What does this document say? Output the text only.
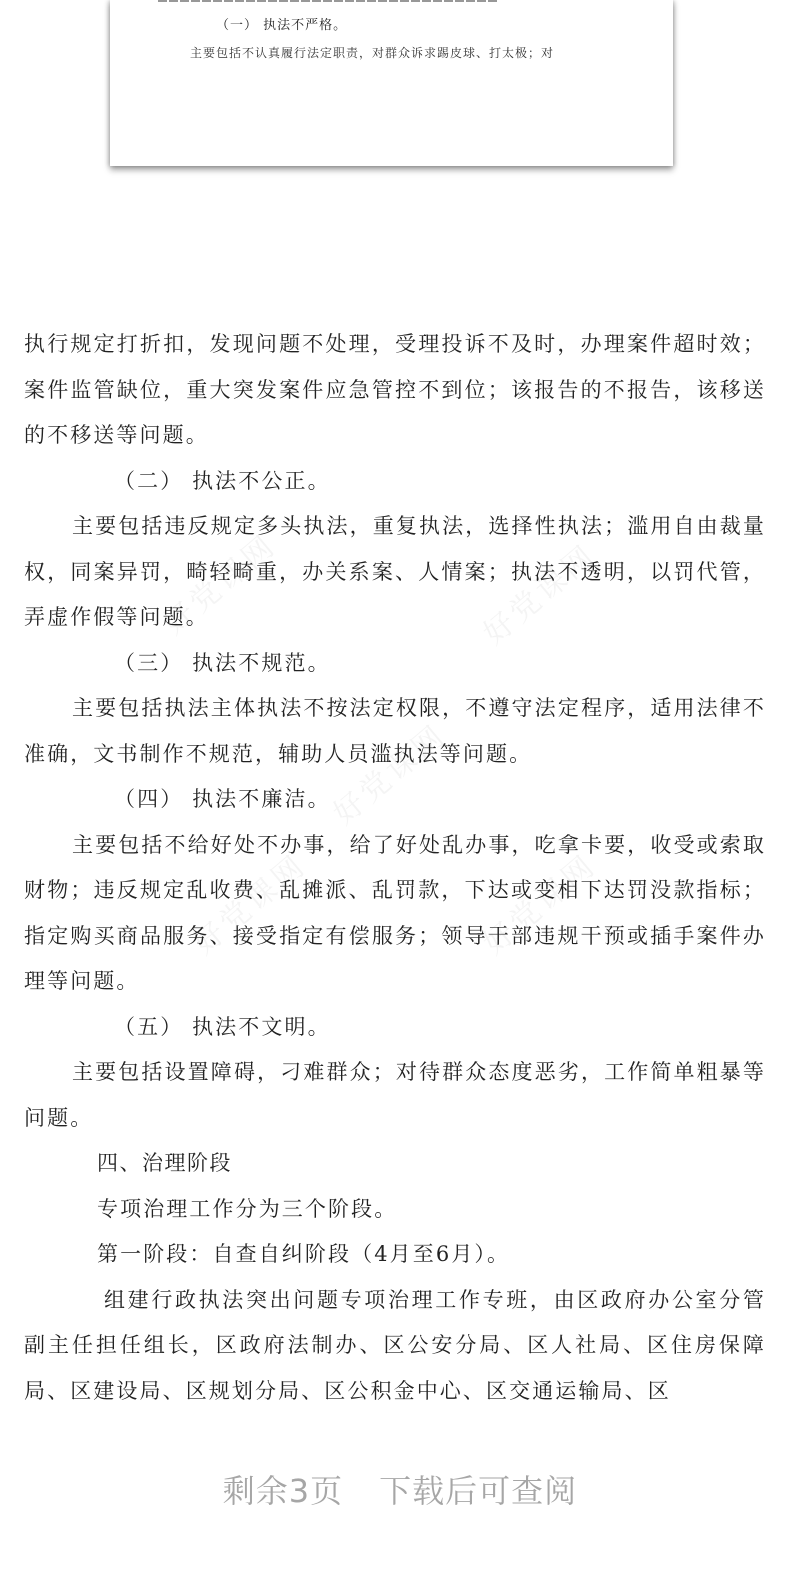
（一） 执法不严格。
主要包括不认真履行法定职责，对群众诉求踢皮球、打太极；对
好党课网	好党课网
好党课网
好党课网	好党课网

执行规定打折扣，发现问题不处理，受理投诉不及时，办理案件超时效；案件监管缺位，重大突发案件应急管控不到位；该报告的不报告，该移送的不移送等问题。

（二） 执法不公正。

主要包括违反规定多头执法，重复执法，选择性执法；滥用自由裁量权，同案异罚，畸轻畸重，办关系案、人情案；执法不透明，以罚代管，弄虚作假等问题。

（三） 执法不规范。

主要包括执法主体执法不按法定权限，不遵守法定程序，适用法律不准确，文书制作不规范，辅助人员滥执法等问题。

（四） 执法不廉洁。

主要包括不给好处不办事，给了好处乱办事，吃拿卡要，收受或索取财物；违反规定乱收费、乱摊派、乱罚款，下达或变相下达罚没款指标；指定购买商品服务、接受指定有偿服务；领导干部违规干预或插手案件办理等问题。

（五） 执法不文明。

主要包括设置障碍，刁难群众；对待群众态度恶劣，工作简单粗暴等问题。

四、治理阶段

专项治理工作分为三个阶段。

第一阶段：自查自纠阶段（4月至6月）。

组建行政执法突出问题专项治理工作专班，由区政府办公室分管副主任担任组长，区政府法制办、区公安分局、区人社局、区住房保障局、区建设局、区规划分局、区公积金中心、区交通运输局、区

剩余3页 下载后可查阅
